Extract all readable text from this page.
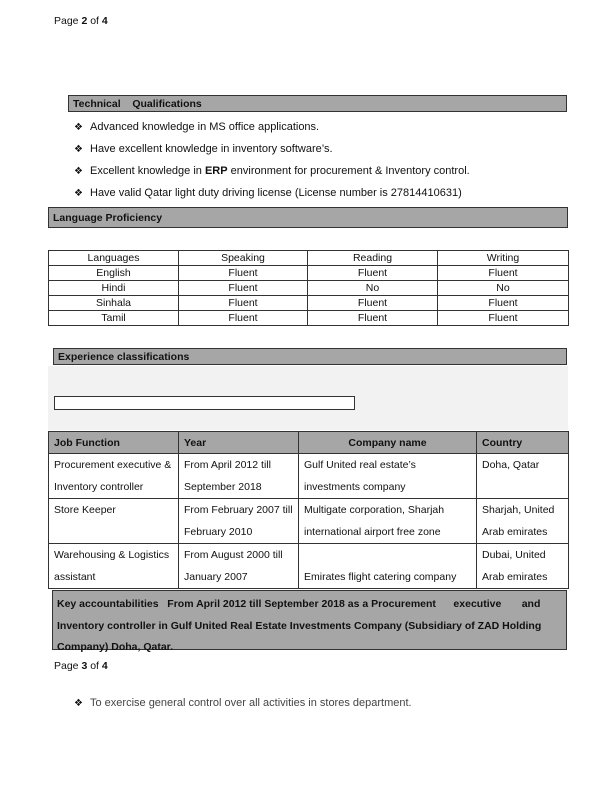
Page 2 of 4
Technical    Qualifications
❖ Advanced knowledge in MS office applications.
❖ Have excellent knowledge in inventory software’s.
❖ Excellent knowledge in ERP environment for procurement & Inventory control.
❖ Have valid Qatar light duty driving license (License number is 27814410631)
Language Proficiency
Languages	Speaking	Reading	Writing
English	Fluent	Fluent	Fluent
Hindi	Fluent	No	No
Sinhala	Fluent	Fluent	Fluent
Tamil	Fluent	Fluent	Fluent
Experience classifications
Job Function	Year	Company name	Country
Procurement executive & Inventory controller	From April 2012 till September 2018	Gulf United real estate’s investments company	Doha, Qatar
Store Keeper	From February 2007 till February 2010	Multigate corporation, Sharjah international airport free zone	Sharjah, United Arab emirates
Warehousing & Logistics assistant	From August 2000 till January 2007	Emirates flight catering company	Dubai, United Arab emirates
Key accountabilities   From April 2012 till September 2018 as a Procurement      executive       and Inventory controller in Gulf United Real Estate Investments Company (Subsidiary of ZAD Holding Company) Doha, Qatar.
Page 3 of 4
❖ To exercise general control over all activities in stores department.
